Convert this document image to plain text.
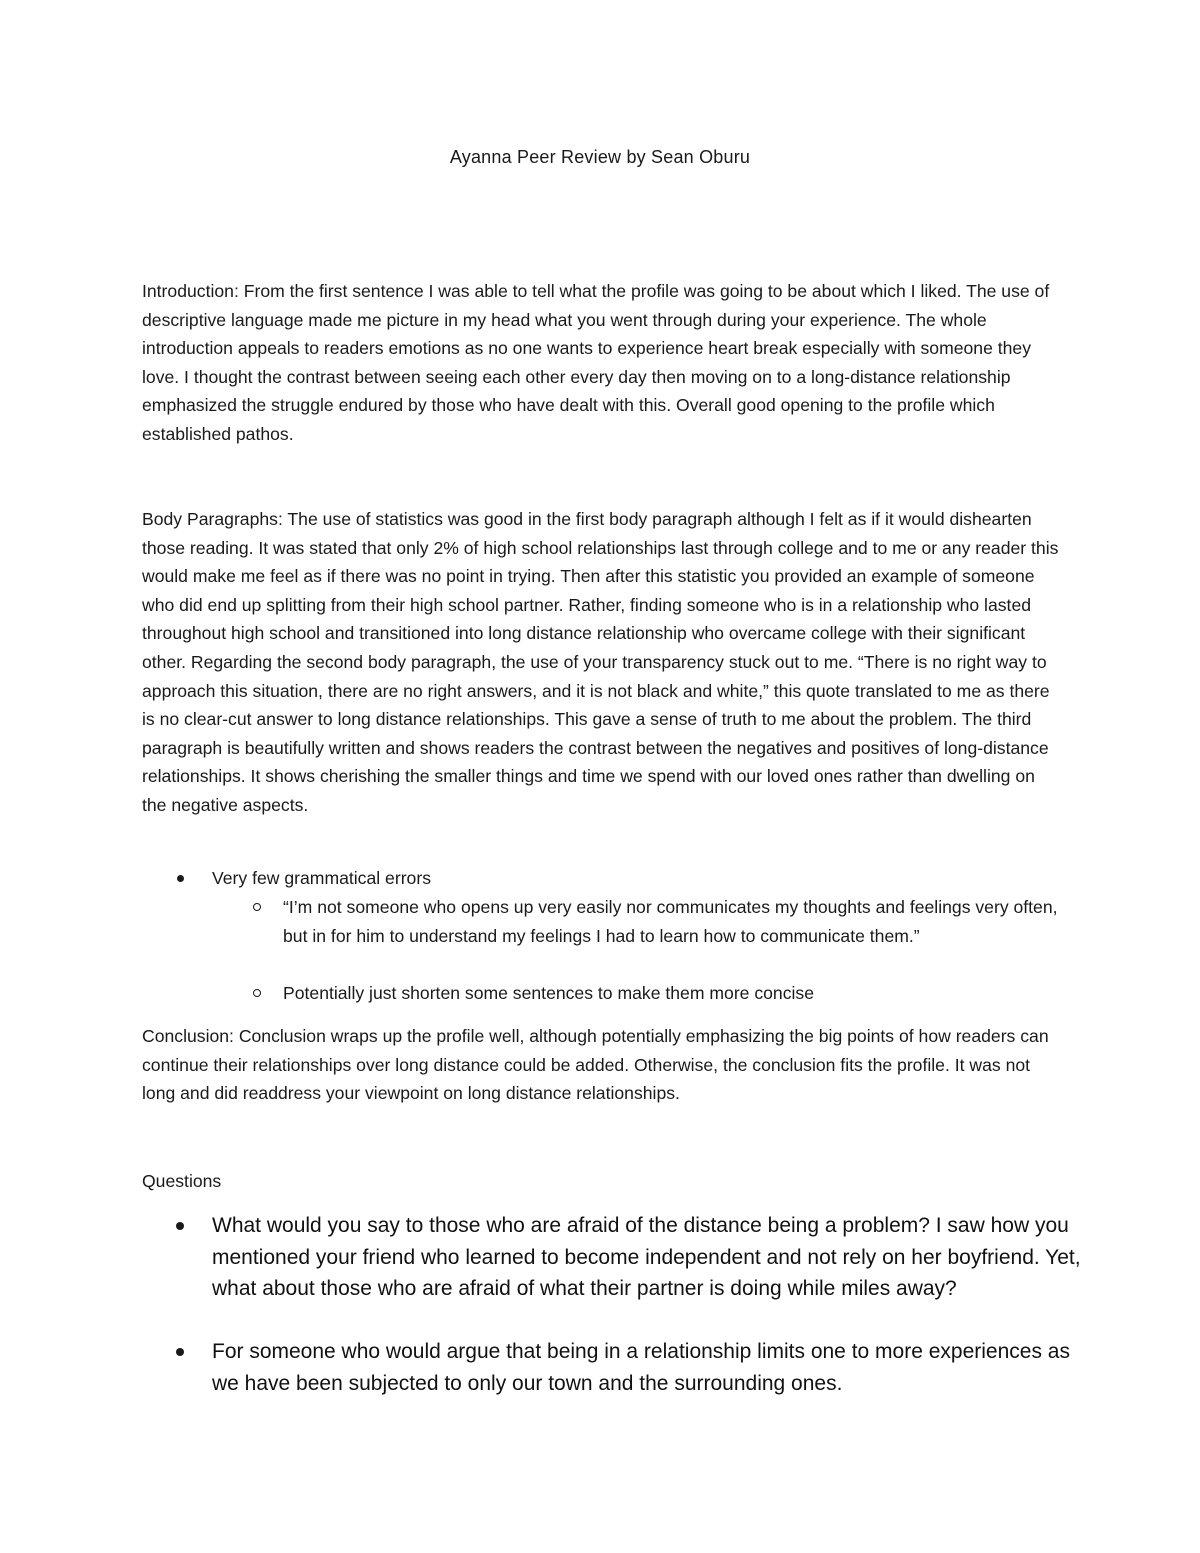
Ayanna Peer Review by Sean Oburu

Introduction: From the first sentence I was able to tell what the profile was going to be about which I liked. The use of descriptive language made me picture in my head what you went through during your experience. The whole introduction appeals to readers emotions as no one wants to experience heart break especially with someone they love. I thought the contrast between seeing each other every day then moving on to a long-distance relationship emphasized the struggle endured by those who have dealt with this. Overall good opening to the profile which established pathos.

Body Paragraphs: The use of statistics was good in the first body paragraph although I felt as if it would dishearten those reading. It was stated that only 2% of high school relationships last through college and to me or any reader this would make me feel as if there was no point in trying. Then after this statistic you provided an example of someone who did end up splitting from their high school partner. Rather, finding someone who is in a relationship who lasted throughout high school and transitioned into long distance relationship who overcame college with their significant other. Regarding the second body paragraph, the use of your transparency stuck out to me. “There is no right way to approach this situation, there are no right answers, and it is not black and white,” this quote translated to me as there is no clear-cut answer to long distance relationships. This gave a sense of truth to me about the problem. The third paragraph is beautifully written and shows readers the contrast between the negatives and positives of long-distance relationships. It shows cherishing the smaller things and time we spend with our loved ones rather than dwelling on the negative aspects.

Very few grammatical errors

“I’m not someone who opens up very easily nor communicates my thoughts and feelings very often, but in for him to understand my feelings I had to learn how to communicate them.”

Potentially just shorten some sentences to make them more concise

Conclusion: Conclusion wraps up the profile well, although potentially emphasizing the big points of how readers can continue their relationships over long distance could be added. Otherwise, the conclusion fits the profile. It was not long and did readdress your viewpoint on long distance relationships.

Questions

What would you say to those who are afraid of the distance being a problem? I saw how you mentioned your friend who learned to become independent and not rely on her boyfriend. Yet, what about those who are afraid of what their partner is doing while miles away?

For someone who would argue that being in a relationship limits one to more experiences as we have been subjected to only our town and the surrounding ones.
